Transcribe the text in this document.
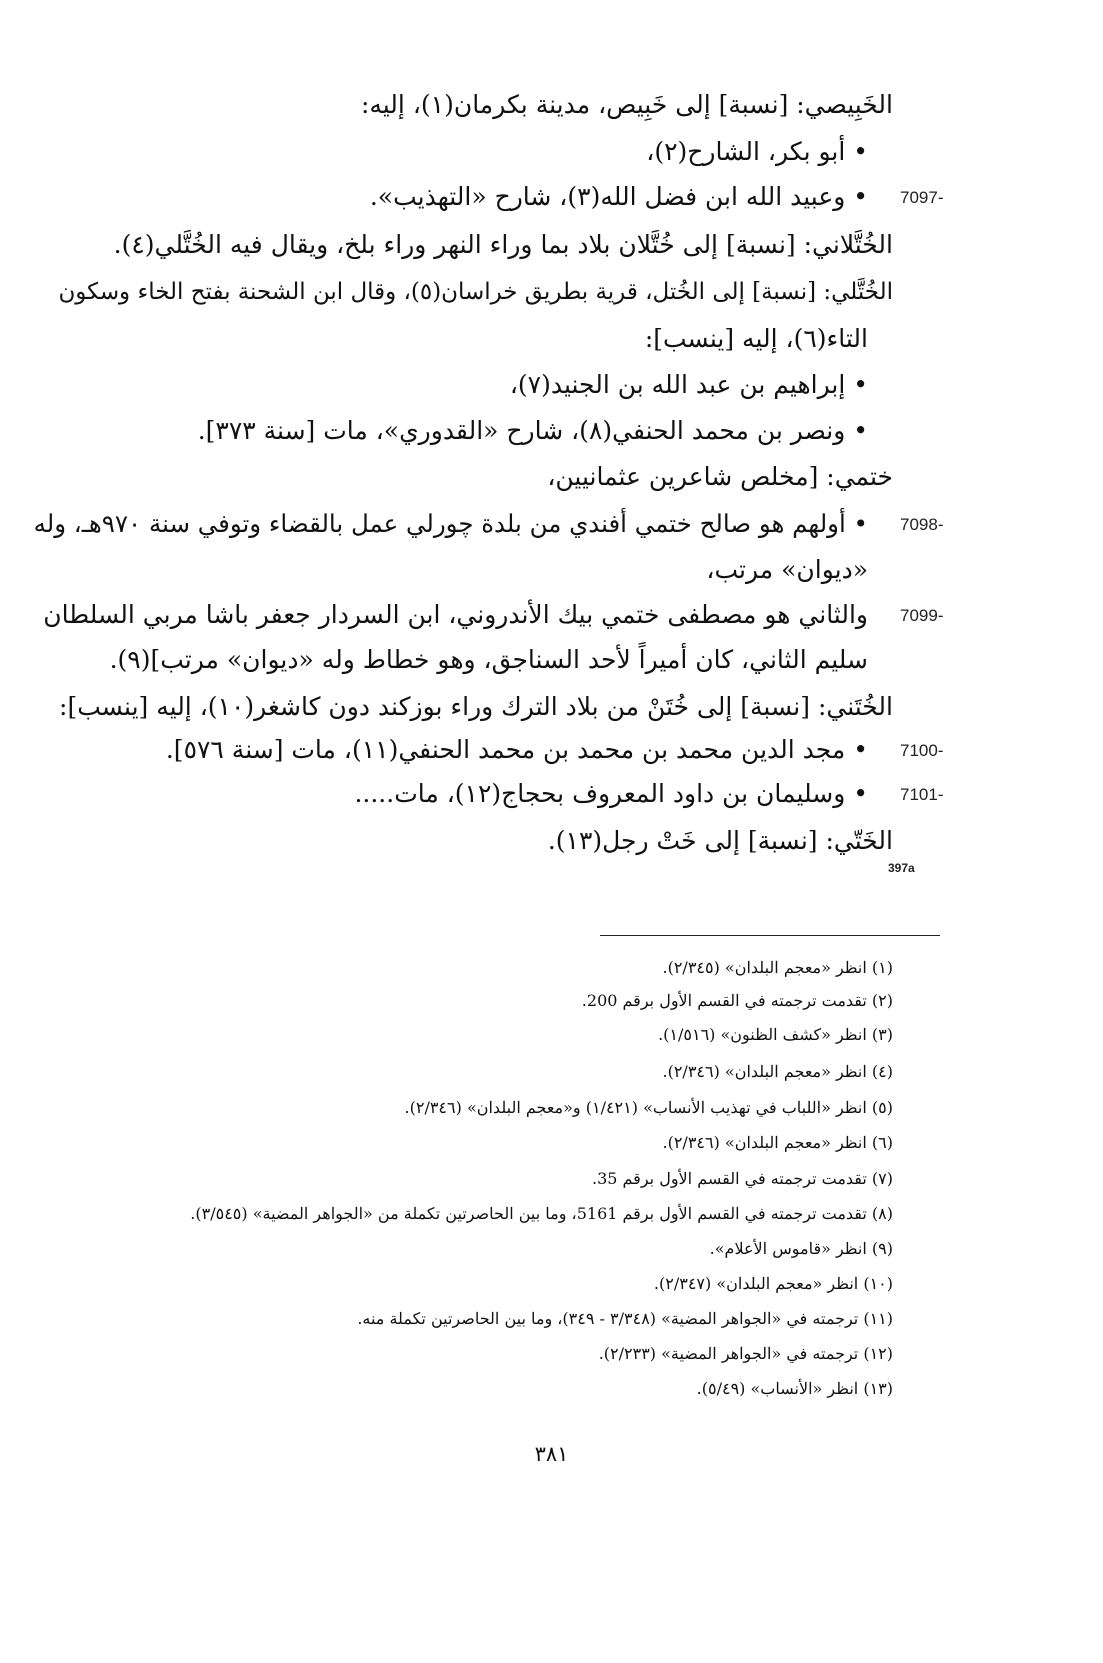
الخَبِيصي: [نسبة] إلى خَبِيص، مدينة بكرمان(١)، إليه:
• أبو بكر، الشارح(٢)،
• وعبيد الله ابن فضل الله(٣)، شارح «التهذيب». 7097-
الخُتَّلاني: [نسبة] إلى خُتَّلان بلاد بما وراء النهر وراء بلخ، ويقال فيه الخُتَّلي(٤).
الخُتَّلي: [نسبة] إلى الخُتل، قرية بطريق خراسان(٥)، وقال ابن الشحنة بفتح الخاء وسكون
التاء(٦)، إليه [ينسب]:
• إبراهيم بن عبد الله بن الجنيد(٧)،
• ونصر بن محمد الحنفي(٨)، شارح «القدوري»، مات [سنة ٣٧٣].
ختمي: [مخلص شاعرين عثمانيين،
• أولهم هو صالح ختمي أفندي من بلدة چورلي عمل بالقضاء وتوفي سنة ٩٧٠هـ، وله 7098-
«ديوان» مرتب،
والثاني هو مصطفى ختمي بيك الأندروني، ابن السردار جعفر باشا مربي السلطان 7099-
سليم الثاني، كان أميراً لأحد السناجق، وهو خطاط وله «ديوان» مرتب](٩).
الخُتَني: [نسبة] إلى خُتَنْ من بلاد الترك وراء بوزكند دون كاشغر(١٠)، إليه [ينسب]:
• مجد الدين محمد بن محمد بن محمد الحنفي(١١)، مات [سنة ٥٧٦]. 7100-
• وسليمان بن داود المعروف بحجاج(١٢)، مات..... 7101-
الخَتّي: [نسبة] إلى خَتْ رجل(١٣).
397a
(١) انظر «معجم البلدان» (٢/٣٤٥).
(٢) تقدمت ترجمته في القسم الأول برقم 200.
(٣) انظر «كشف الظنون» (١/٥١٦).
(٤) انظر «معجم البلدان» (٢/٣٤٦).
(٥) انظر «اللباب في تهذيب الأنساب» (١/٤٢١) و«معجم البلدان» (٢/٣٤٦).
(٦) انظر «معجم البلدان» (٢/٣٤٦).
(٧) تقدمت ترجمته في القسم الأول برقم 35.
(٨) تقدمت ترجمته في القسم الأول برقم 5161، وما بين الحاصرتين تكملة من «الجواهر المضية» (٣/٥٤٥).
(٩) انظر «قاموس الأعلام».
(١٠) انظر «معجم البلدان» (٢/٣٤٧).
(١١) ترجمته في «الجواهر المضية» (٣/٣٤٨ - ٣٤٩)، وما بين الحاصرتين تكملة منه.
(١٢) ترجمته في «الجواهر المضية» (٢/٢٣٣).
(١٣) انظر «الأنساب» (٥/٤٩).
٣٨١
